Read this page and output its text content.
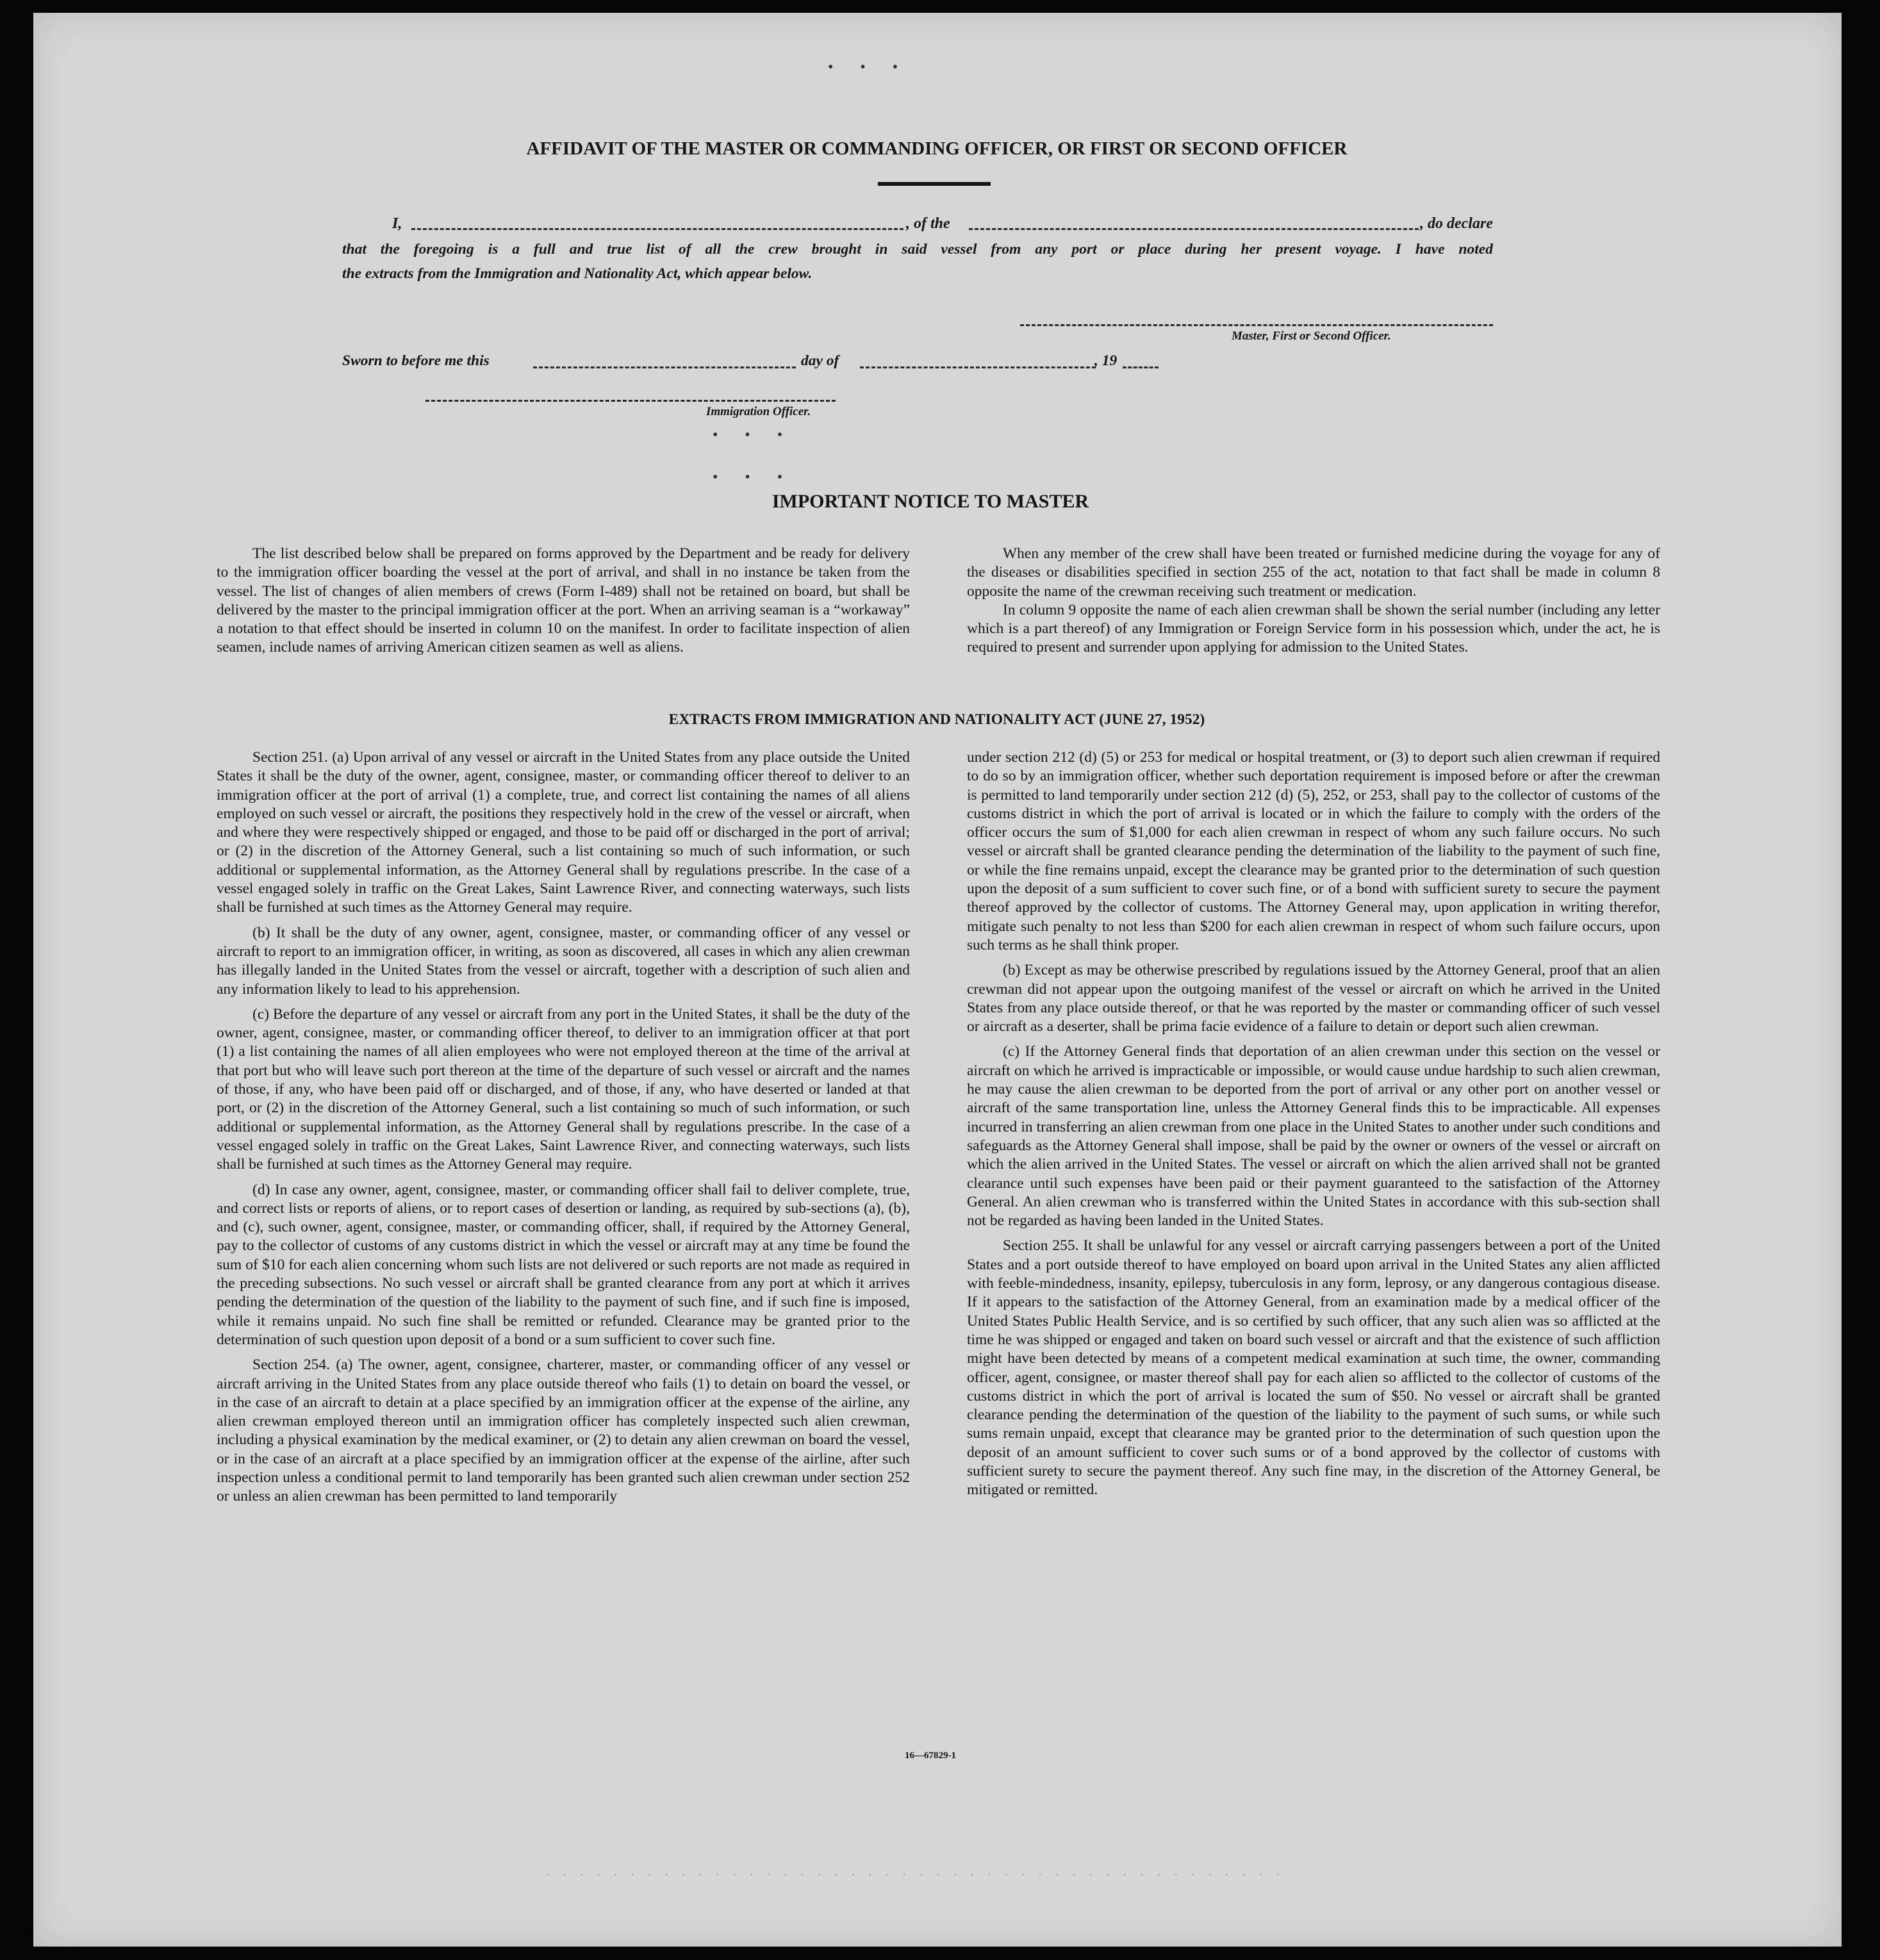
• • •
AFFIDAVIT OF THE MASTER OR COMMANDING OFFICER, OR FIRST OR SECOND OFFICER
I,	, of the	, do declare
that the foregoing is a full and true list of all the crew brought in said vessel from any port or place during her present voyage. I have noted
the extracts from the Immigration and Nationality Act, which appear below.
Master, First or Second Officer.
Sworn to before me this	day of	, 19
Immigration Officer.
• • •
• • •
IMPORTANT NOTICE TO MASTER

The list described below shall be prepared on forms approved by the Department and be ready for delivery to the immigration officer boarding the vessel at the port of arrival, and shall in no instance be taken from the vessel. The list of changes of alien members of crews (Form I-489) shall not be retained on board, but shall be delivered by the master to the principal immigration officer at the port. When an arriving seaman is a “workaway” a notation to that effect should be inserted in column 10 on the manifest. In order to facilitate inspection of alien seamen, include names of arriving American citizen seamen as well as aliens.

When any member of the crew shall have been treated or furnished medicine during the voyage for any of the diseases or disabilities specified in section 255 of the act, notation to that fact shall be made in column 8 opposite the name of the crewman receiving such treatment or medication.

In column 9 opposite the name of each alien crewman shall be shown the serial number (including any letter which is a part thereof) of any Immigration or Foreign Service form in his possession which, under the act, he is required to present and surrender upon applying for admission to the United States.

EXTRACTS FROM IMMIGRATION AND NATIONALITY ACT (JUNE 27, 1952)

Section 251. (a) Upon arrival of any vessel or aircraft in the United States from any place outside the United States it shall be the duty of the owner, agent, consignee, master, or commanding officer thereof to deliver to an immigration officer at the port of arrival (1) a complete, true, and correct list containing the names of all aliens employed on such vessel or aircraft, the positions they respectively hold in the crew of the vessel or aircraft, when and where they were respectively shipped or engaged, and those to be paid off or discharged in the port of arrival; or (2) in the discretion of the Attorney General, such a list containing so much of such information, or such additional or supplemental information, as the Attorney General shall by regulations prescribe. In the case of a vessel engaged solely in traffic on the Great Lakes, Saint Lawrence River, and connecting waterways, such lists shall be furnished at such times as the Attorney General may require.

(b) It shall be the duty of any owner, agent, consignee, master, or commanding officer of any vessel or aircraft to report to an immigration officer, in writing, as soon as discovered, all cases in which any alien crewman has illegally landed in the United States from the vessel or aircraft, together with a description of such alien and any information likely to lead to his apprehension.

(c) Before the departure of any vessel or aircraft from any port in the United States, it shall be the duty of the owner, agent, consignee, master, or commanding officer thereof, to deliver to an immigration officer at that port (1) a list containing the names of all alien employees who were not employed thereon at the time of the arrival at that port but who will leave such port thereon at the time of the departure of such vessel or aircraft and the names of those, if any, who have been paid off or discharged, and of those, if any, who have deserted or landed at that port, or (2) in the discretion of the Attorney General, such a list containing so much of such information, or such additional or supplemental information, as the Attorney General shall by regulations prescribe. In the case of a vessel engaged solely in traffic on the Great Lakes, Saint Lawrence River, and connecting waterways, such lists shall be furnished at such times as the Attorney General may require.

(d) In case any owner, agent, consignee, master, or commanding officer shall fail to deliver complete, true, and correct lists or reports of aliens, or to report cases of desertion or landing, as required by sub-sections (a), (b), and (c), such owner, agent, consignee, master, or commanding officer, shall, if required by the Attorney General, pay to the collector of customs of any customs district in which the vessel or aircraft may at any time be found the sum of $10 for each alien concerning whom such lists are not delivered or such reports are not made as required in the preceding subsections. No such vessel or aircraft shall be granted clearance from any port at which it arrives pending the determination of the question of the liability to the payment of such fine, and if such fine is imposed, while it remains unpaid. No such fine shall be remitted or refunded. Clearance may be granted prior to the determination of such question upon deposit of a bond or a sum sufficient to cover such fine.

Section 254. (a) The owner, agent, consignee, charterer, master, or commanding officer of any vessel or aircraft arriving in the United States from any place outside thereof who fails (1) to detain on board the vessel, or in the case of an aircraft to detain at a place specified by an immigration officer at the expense of the airline, any alien crewman employed thereon until an immigration officer has completely inspected such alien crewman, including a physical examination by the medical examiner, or (2) to detain any alien crewman on board the vessel, or in the case of an aircraft at a place specified by an immigration officer at the expense of the airline, after such inspection unless a conditional permit to land temporarily has been granted such alien crewman under section 252 or unless an alien crewman has been permitted to land temporarily

under section 212 (d) (5) or 253 for medical or hospital treatment, or (3) to deport such alien crewman if required to do so by an immigration officer, whether such deportation requirement is imposed before or after the crewman is permitted to land temporarily under section 212 (d) (5), 252, or 253, shall pay to the collector of customs of the customs district in which the port of arrival is located or in which the failure to comply with the orders of the officer occurs the sum of $1,000 for each alien crewman in respect of whom any such failure occurs. No such vessel or aircraft shall be granted clearance pending the determination of the liability to the payment of such fine, or while the fine remains unpaid, except the clearance may be granted prior to the determination of such question upon the deposit of a sum sufficient to cover such fine, or of a bond with sufficient surety to secure the payment thereof approved by the collector of customs. The Attorney General may, upon application in writing therefor, mitigate such penalty to not less than $200 for each alien crewman in respect of whom such failure occurs, upon such terms as he shall think proper.

(b) Except as may be otherwise prescribed by regulations issued by the Attorney General, proof that an alien crewman did not appear upon the outgoing manifest of the vessel or aircraft on which he arrived in the United States from any place outside thereof, or that he was reported by the master or commanding officer of such vessel or aircraft as a deserter, shall be prima facie evidence of a failure to detain or deport such alien crewman.

(c) If the Attorney General finds that deportation of an alien crewman under this section on the vessel or aircraft on which he arrived is impracticable or impossible, or would cause undue hardship to such alien crewman, he may cause the alien crewman to be deported from the port of arrival or any other port on another vessel or aircraft of the same transportation line, unless the Attorney General finds this to be impracticable. All expenses incurred in transferring an alien crewman from one place in the United States to another under such conditions and safeguards as the Attorney General shall impose, shall be paid by the owner or owners of the vessel or aircraft on which the alien arrived in the United States. The vessel or aircraft on which the alien arrived shall not be granted clearance until such expenses have been paid or their payment guaranteed to the satisfaction of the Attorney General. An alien crewman who is transferred within the United States in accordance with this sub-section shall not be regarded as having been landed in the United States.

Section 255. It shall be unlawful for any vessel or aircraft carrying passengers between a port of the United States and a port outside thereof to have employed on board upon arrival in the United States any alien afflicted with feeble-mindedness, insanity, epilepsy, tuberculosis in any form, leprosy, or any dangerous contagious disease. If it appears to the satisfaction of the Attorney General, from an examination made by a medical officer of the United States Public Health Service, and is so certified by such officer, that any such alien was so afflicted at the time he was shipped or engaged and taken on board such vessel or aircraft and that the existence of such affliction might have been detected by means of a competent medical examination at such time, the owner, commanding officer, agent, consignee, or master thereof shall pay for each alien so afflicted to the collector of customs of the customs district in which the port of arrival is located the sum of $50. No vessel or aircraft shall be granted clearance pending the determination of the question of the liability to the payment of such sums, or while such sums remain unpaid, except that clearance may be granted prior to the determination of such question upon the deposit of an amount sufficient to cover such sums or of a bond approved by the collector of customs with sufficient surety to secure the payment thereof. Any such fine may, in the discretion of the Attorney General, be mitigated or remitted.

16—67829-1
. . . . . . . . . . . . . . . . . . . . . . . . . . . . . . . . . . . . . . . . . . . .
